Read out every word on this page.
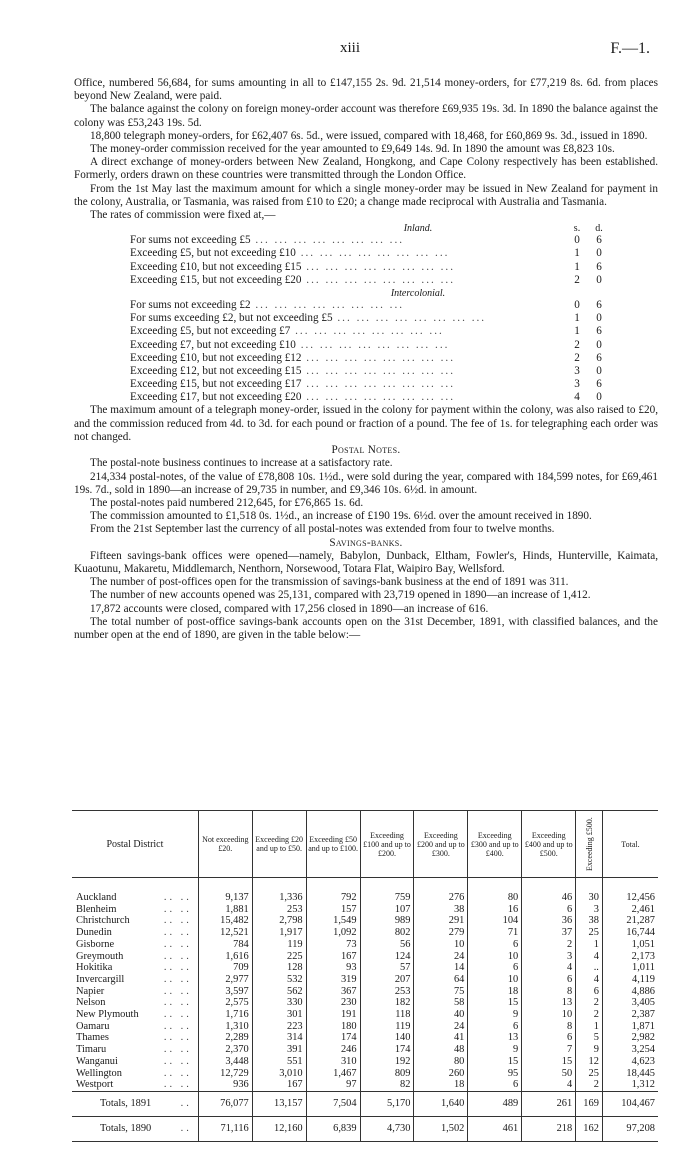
xiii	F.—1.

Office, numbered 56,684, for sums amounting in all to £147,155 2s. 9d. 21,514 money-orders, for £77,219 8s. 6d. from places beyond New Zealand, were paid.

The balance against the colony on foreign money-order account was therefore £69,935 19s. 3d. In 1890 the balance against the colony was £53,243 19s. 5d.

18,800 telegraph money-orders, for £62,407 6s. 5d., were issued, compared with 18,468, for £60,869 9s. 3d., issued in 1890.

The money-order commission received for the year amounted to £9,649 14s. 9d. In 1890 the amount was £8,823 10s.

A direct exchange of money-orders between New Zealand, Hongkong, and Cape Colony respectively has been established. Formerly, orders drawn on these countries were transmitted through the London Office.

From the 1st May last the maximum amount for which a single money-order may be issued in New Zealand for payment in the colony, Australia, or Tasmania, was raised from £10 to £20; a change made reciprocal with Australia and Tasmania.

The rates of commission were fixed at,—

Inland.	s.	d.
For sums not exceeding £5 ...	0	6
Exceeding £5, but not exceeding £10 ...	1	0
Exceeding £10, but not exceeding £15 ...	1	6
Exceeding £15, but not exceeding £20 ...	2	0
Intercolonial.
For sums not exceeding £2 ...	0	6
For sums exceeding £2, but not exceeding £5 ...	1	0
Exceeding £5, but not exceeding £7 ...	1	6
Exceeding £7, but not exceeding £10 ...	2	0
Exceeding £10, but not exceeding £12 ...	2	6
Exceeding £12, but not exceeding £15 ...	3	0
Exceeding £15, but not exceeding £17 ...	3	6
Exceeding £17, but not exceeding £20 ...	4	0

The maximum amount of a telegraph money-order, issued in the colony for payment within the colony, was also raised to £20, and the commission reduced from 4d. to 3d. for each pound or fraction of a pound. The fee of 1s. for telegraphing each order was not changed.

Postal Notes.

The postal-note business continues to increase at a satisfactory rate.

214,334 postal-notes, of the value of £78,808 10s. 1½d., were sold during the year, compared with 184,599 notes, for £69,461 19s. 7d., sold in 1890—an increase of 29,735 in number, and £9,346 10s. 6½d. in amount.

The postal-notes paid numbered 212,645, for £76,865 1s. 6d.

The commission amounted to £1,518 0s. 1½d., an increase of £190 19s. 6½d. over the amount received in 1890.

From the 21st September last the currency of all postal-notes was extended from four to twelve months.

Savings-banks.

Fifteen savings-bank offices were opened—namely, Babylon, Dunback, Eltham, Fowler's, Hinds, Hunterville, Kaimata, Kuaotunu, Makaretu, Middlemarch, Nenthorn, Norsewood, Totara Flat, Waipiro Bay, Wellsford.

The number of post-offices open for the transmission of savings-bank business at the end of 1891 was 311.

The number of new accounts opened was 25,131, compared with 23,719 opened in 1890—an increase of 1,412.

17,872 accounts were closed, compared with 17,256 closed in 1890—an increase of 616.

The total number of post-office savings-bank accounts open on the 31st December, 1891, with classified balances, and the number open at the end of 1890, are given in the table below:—

Postal District	Not exceeding £20.	Exceeding £20 and up to £50.	Exceeding £50 and up to £100.	Exceeding £100 and up to £200.	Exceeding £200 and up to £300.	Exceeding £300 and up to £400.	Exceeding £400 and up to £500.	Exceeding £500.	Total.
Auckland .. ..	9,137	1,336	792	759	276	80	46	30	12,456
Blenheim .. ..	1,881	253	157	107	38	16	6	3	2,461
Christchurch .. ..	15,482	2,798	1,549	989	291	104	36	38	21,287
Dunedin .. ..	12,521	1,917	1,092	802	279	71	37	25	16,744
Gisborne .. ..	784	119	73	56	10	6	2	1	1,051
Greymouth .. ..	1,616	225	167	124	24	10	3	4	2,173
Hokitika .. ..	709	128	93	57	14	6	4	..	1,011
Invercargill .. ..	2,977	532	319	207	64	10	6	4	4,119
Napier .. ..	3,597	562	367	253	75	18	8	6	4,886
Nelson .. ..	2,575	330	230	182	58	15	13	2	3,405
New Plymouth .. ..	1,716	301	191	118	40	9	10	2	2,387
Oamaru .. ..	1,310	223	180	119	24	6	8	1	1,871
Thames .. ..	2,289	314	174	140	41	13	6	5	2,982
Timaru .. ..	2,370	391	246	174	48	9	7	9	3,254
Wanganui .. ..	3,448	551	310	192	80	15	15	12	4,623
Wellington .. ..	12,729	3,010	1,467	809	260	95	50	25	18,445
Westport .. ..	936	167	97	82	18	6	4	2	1,312
Totals, 1891 ..	76,077	13,157	7,504	5,170	1,640	489	261	169	104,467
Totals, 1890 ..	71,116	12,160	6,839	4,730	1,502	461	218	162	97,208
